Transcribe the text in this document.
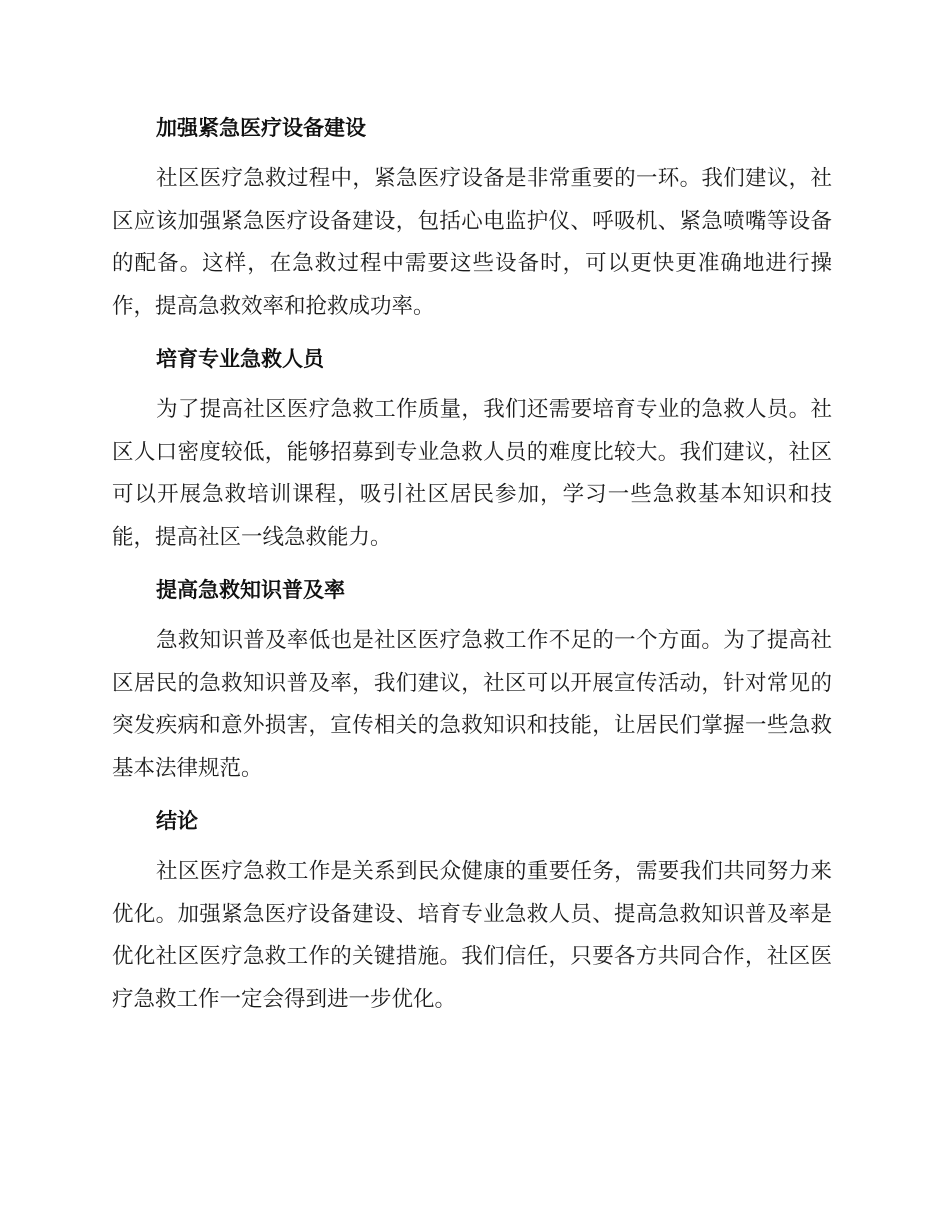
加强紧急医疗设备建设

社区医疗急救过程中，紧急医疗设备是非常重要的一环。我们建议，社区应该加强紧急医疗设备建设，包括心电监护仪、呼吸机、紧急喷嘴等设备的配备。这样，在急救过程中需要这些设备时，可以更快更准确地进行操作，提高急救效率和抢救成功率。

培育专业急救人员

为了提高社区医疗急救工作质量，我们还需要培育专业的急救人员。社区人口密度较低，能够招募到专业急救人员的难度比较大。我们建议，社区可以开展急救培训课程，吸引社区居民参加，学习一些急救基本知识和技能，提高社区一线急救能力。

提高急救知识普及率

急救知识普及率低也是社区医疗急救工作不足的一个方面。为了提高社区居民的急救知识普及率，我们建议，社区可以开展宣传活动，针对常见的突发疾病和意外损害，宣传相关的急救知识和技能，让居民们掌握一些急救基本法律规范。

结论

社区医疗急救工作是关系到民众健康的重要任务，需要我们共同努力来优化。加强紧急医疗设备建设、培育专业急救人员、提高急救知识普及率是优化社区医疗急救工作的关键措施。我们信任，只要各方共同合作，社区医疗急救工作一定会得到进一步优化。
